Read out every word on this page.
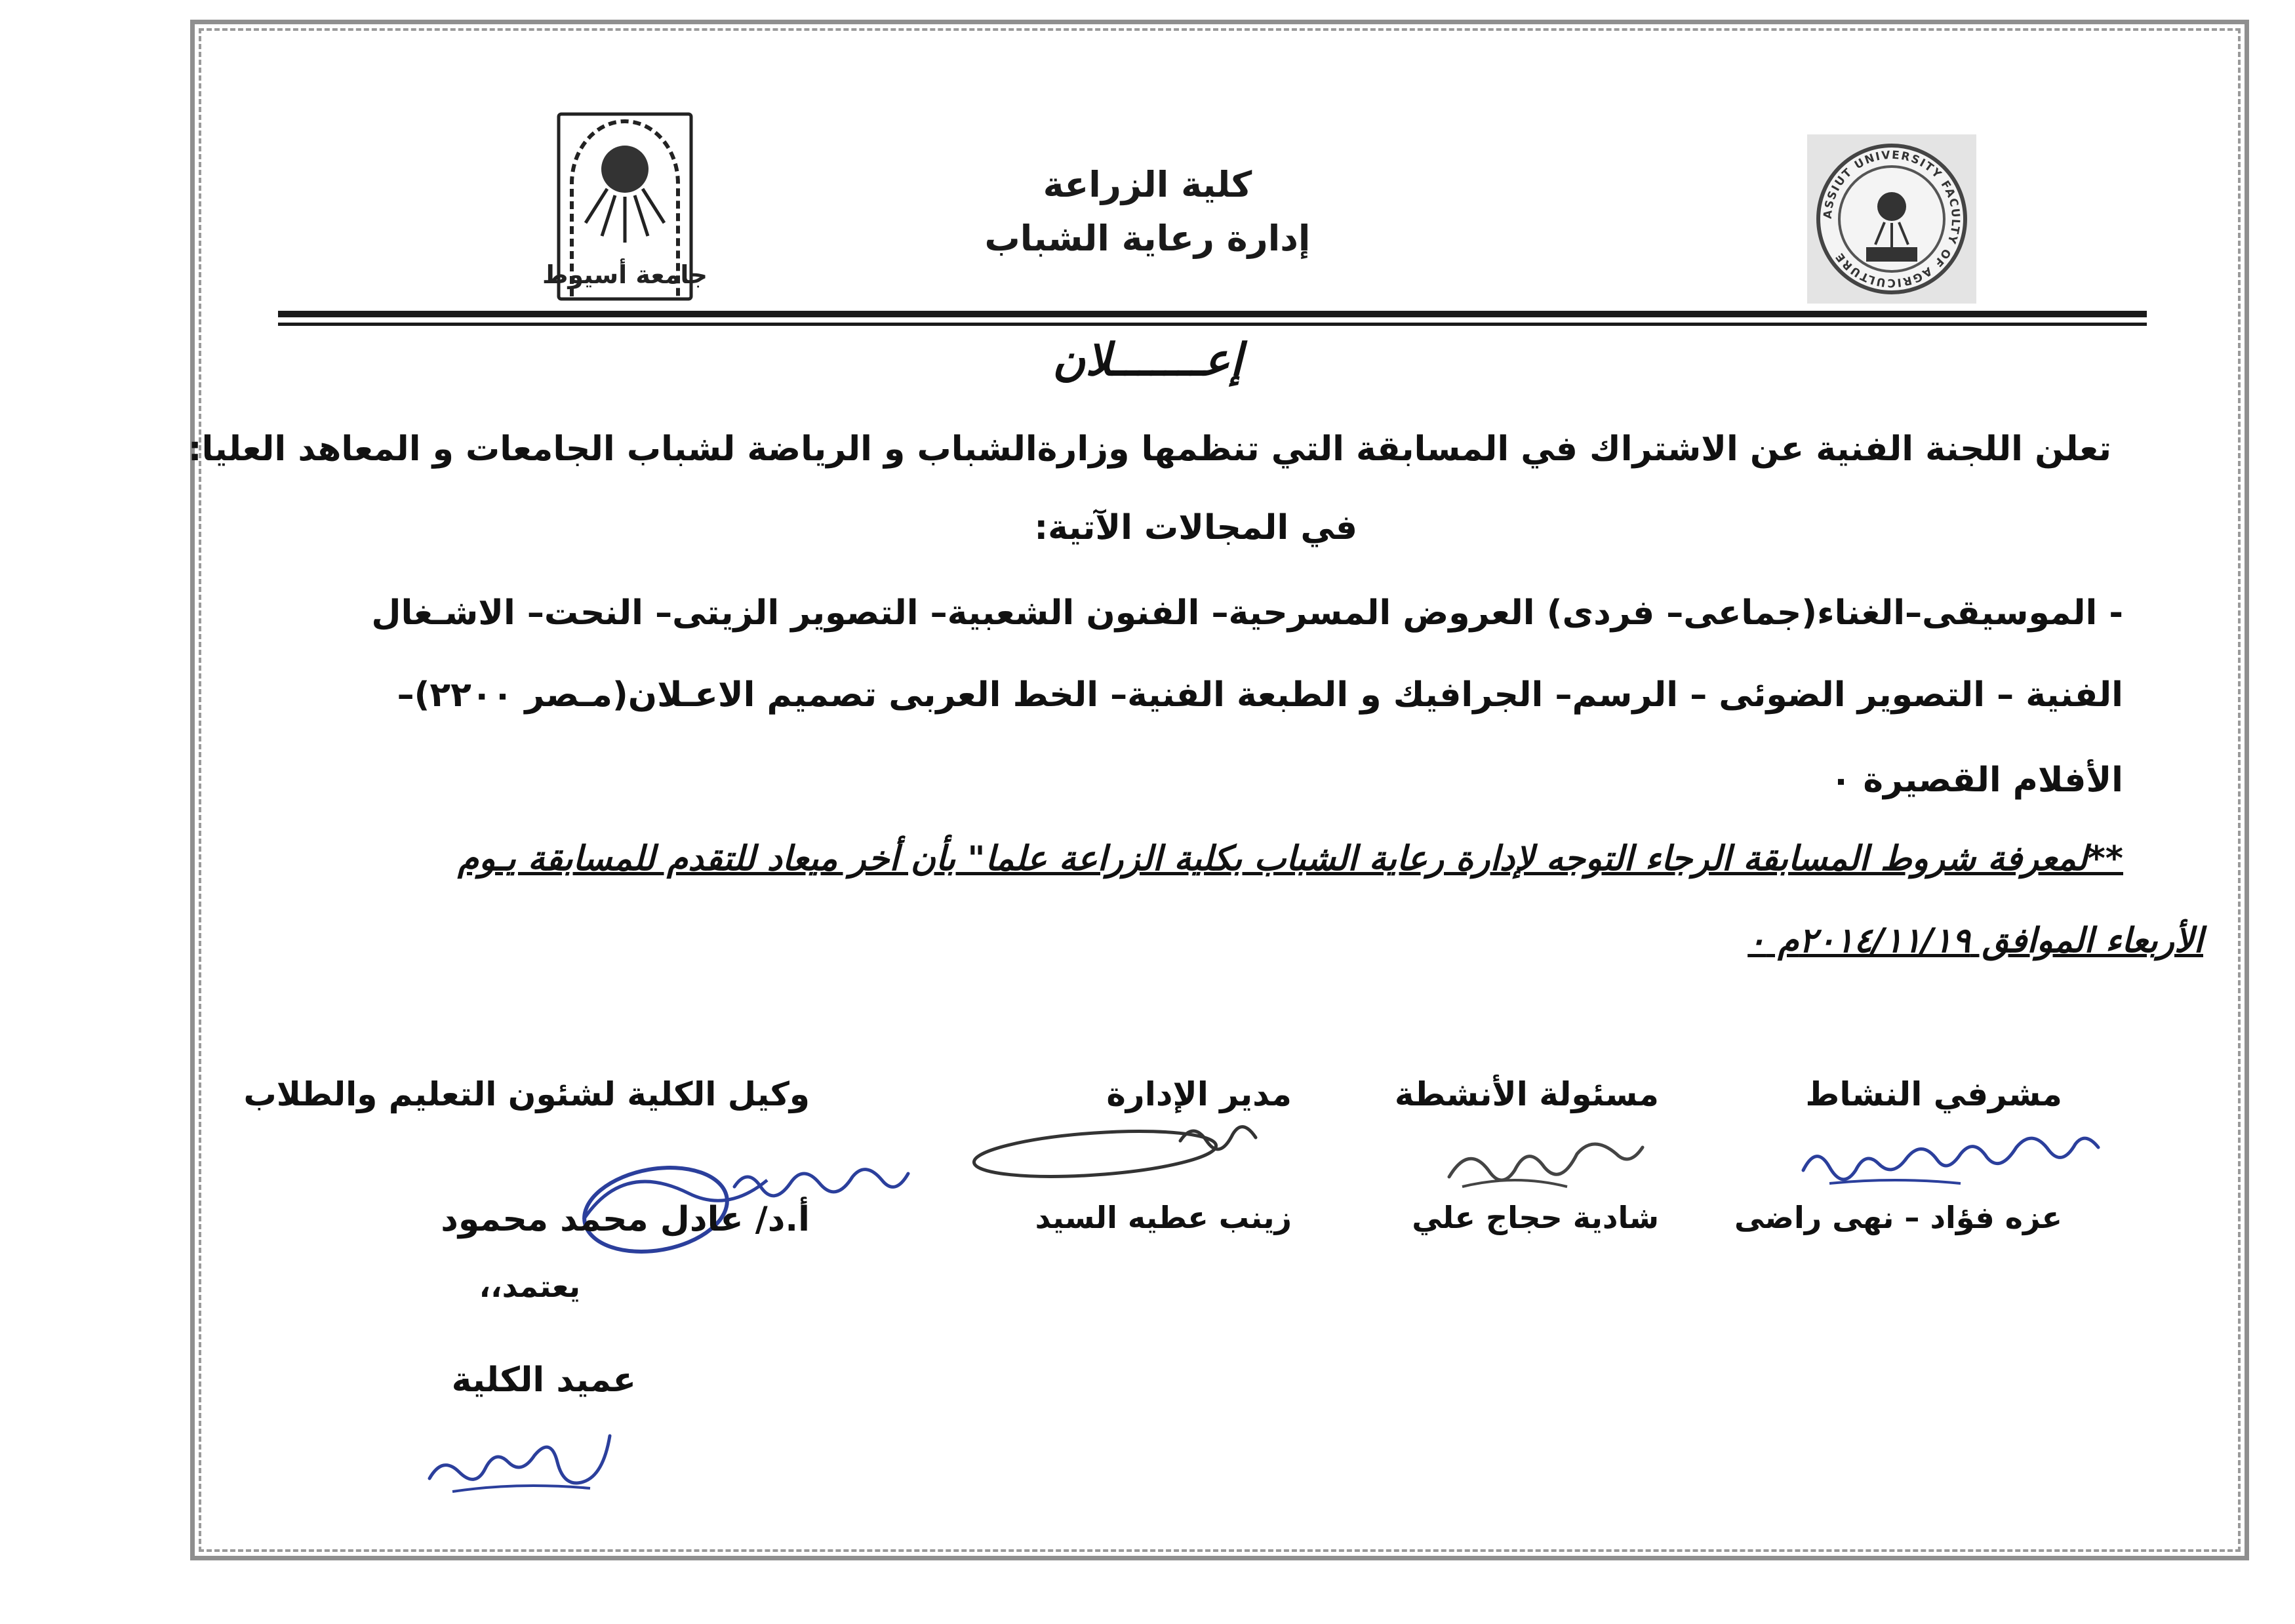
جامعة أسيوط
ASSIUT UNIVERSITY FACULTY OF AGRICULTURE
كلية الزراعة
إدارة رعاية الشباب
إعـــــــلان
تعلن اللجنة الفنية عن الاشتراك في المسابقة التي تنظمها وزارةالشباب و الرياضة لشباب الجامعات و المعاهد العليا:
في المجالات الآتية:
- الموسيقى–الغناء(جماعى– فردى) العروض المسرحية– الفنون الشعبية– التصوير الزيتى– النحت– الاشـغال
الفنية – التصوير الضوئى – الرسم– الجرافيك و الطبعة الفنية– الخط العربى تصميم الاعـلان(مـصر ٢٢٠٠)–
الأفلام القصيرة ٠
**لمعرفة شروط المسابقة الرجاء التوجه لإدارة رعاية الشباب بكلية الزراعة علما" بأن أخر ميعاد للتقدم للمسابقة يـوم
الأربعاء الموافق ٢٠١٤/١١/١٩م ٠
مشرفي النشاط
مسئولة الأنشطة
مدير الإدارة
وكيل الكلية لشئون التعليم والطلاب
عزه فؤاد – نهى راضى
شادية حجاج علي
زينب عطيه السيد
أ.د/ عادل محمد محمود
يعتمد،،
عميد الكلية
